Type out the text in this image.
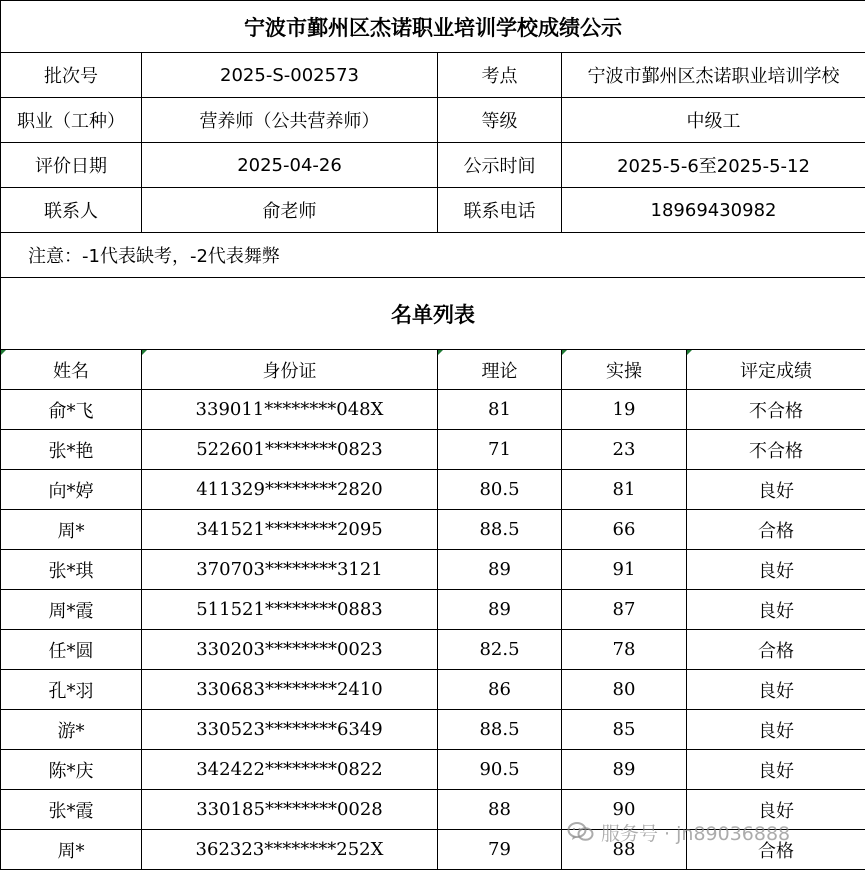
宁波市鄞州区杰诺职业培训学校成绩公示				
批次号	2025-S-002573	考点	宁波市鄞州区杰诺职业培训学校	
职业（工种）	营养师（公共营养师）	等级	中级工	
评价日期	2025-04-26	公示时间	2025-5-6至2025-5-12	
联系人	俞老师	联系电话	18969430982	
注意：-1代表缺考，-2代表舞弊				
名单列表				
姓名	身份证	理论	实操	评定成绩
俞*飞	339011********048X	81	19	不合格
张*艳	522601********0823	71	23	不合格
向*婷	411329********2820	80.5	81	良好
周*	341521********2095	88.5	66	合格
张*琪	370703********3121	89	91	良好
周*霞	511521********0883	89	87	良好
任*圆	330203********0023	82.5	78	合格
孔*羽	330683********2410	86	80	良好
游*	330523********6349	88.5	85	良好
陈*庆	342422********0822	90.5	89	良好
张*霞	330185********0028	88	90	良好
周*	362323********252X	79	88	合格
服务号 · jn89036888
